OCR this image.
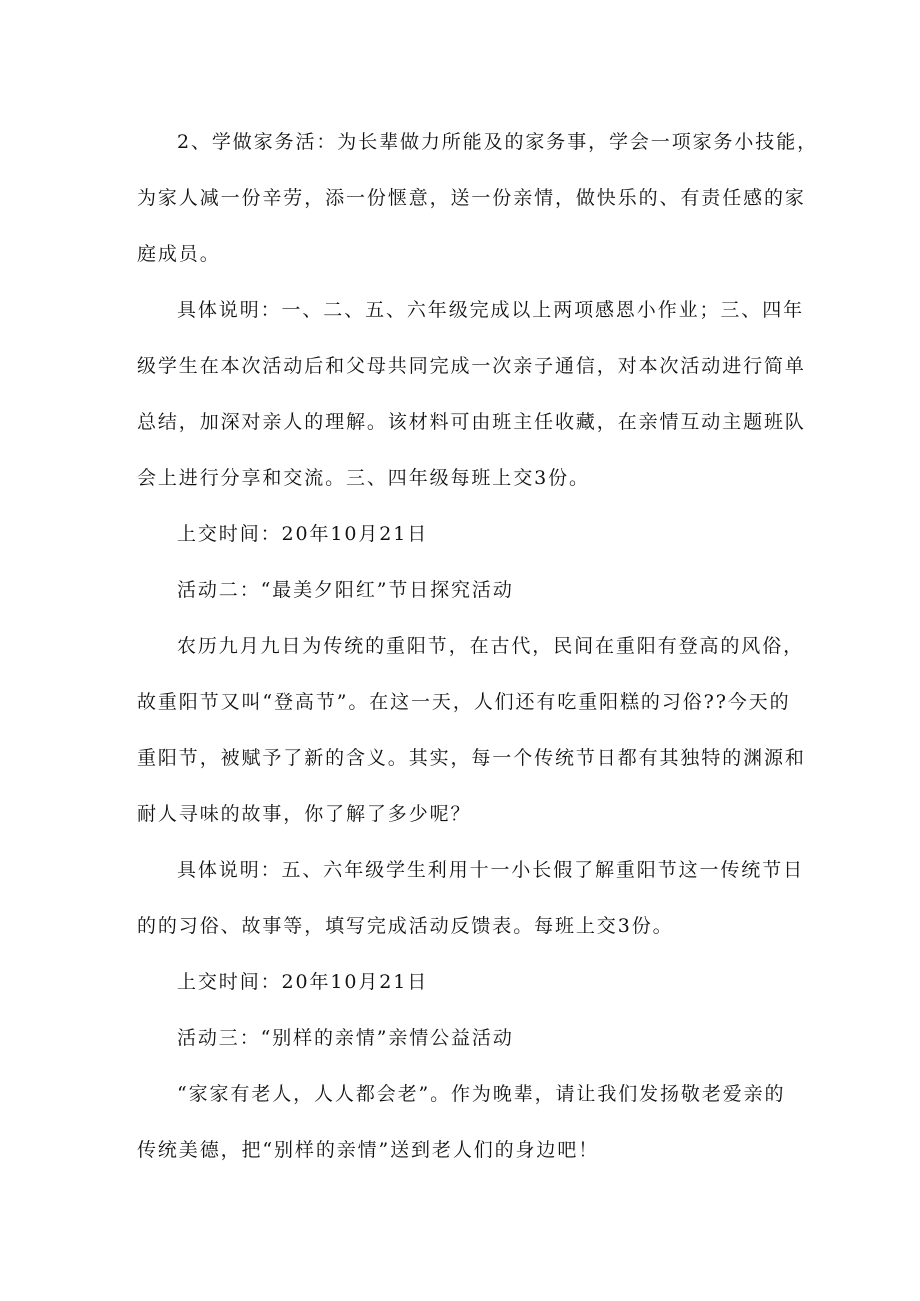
2、学做家务活：为长辈做力所能及的家务事，学会一项家务小技能，
为家人减一份辛劳，添一份惬意，送一份亲情，做快乐的、有责任感的家
庭成员。
具体说明：一、二、五、六年级完成以上两项感恩小作业；三、四年
级学生在本次活动后和父母共同完成一次亲子通信，对本次活动进行简单
总结，加深对亲人的理解。该材料可由班主任收藏，在亲情互动主题班队
会上进行分享和交流。三、四年级每班上交3份。
上交时间：20年10月21日
活动二：“最美夕阳红”节日探究活动
农历九月九日为传统的重阳节，在古代，民间在重阳有登高的风俗，
故重阳节又叫“登高节”。在这一天，人们还有吃重阳糕的习俗??今天的
重阳节，被赋予了新的含义。其实，每一个传统节日都有其独特的渊源和
耐人寻味的故事，你了解了多少呢？
具体说明：五、六年级学生利用十一小长假了解重阳节这一传统节日
的的习俗、故事等，填写完成活动反馈表。每班上交3份。
上交时间：20年10月21日
活动三：“别样的亲情”亲情公益活动
“家家有老人，人人都会老”。作为晚辈，请让我们发扬敬老爱亲的
传统美德，把“别样的亲情”送到老人们的身边吧！
